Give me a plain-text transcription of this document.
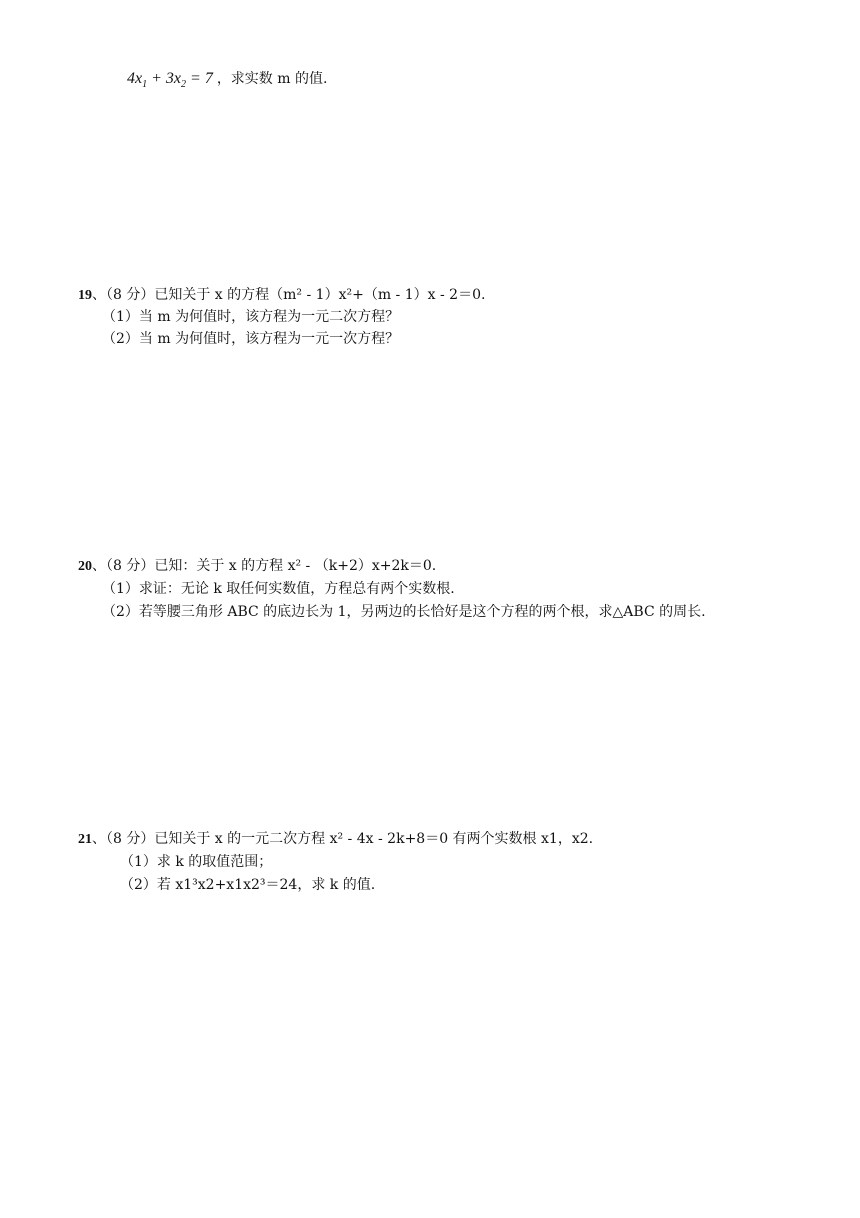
$4x_1 + 3x_2 = 7$ ，求实数 m 的值.
19、（8 分）已知关于 x 的方程（m² - 1）x²+（m - 1）x - 2＝0.
（1）当 m 为何值时，该方程为一元二次方程？
（2）当 m 为何值时，该方程为一元一次方程？
20、（8 分）已知：关于 x 的方程 x² - （k+2）x+2k＝0.
（1）求证：无论 k 取任何实数值，方程总有两个实数根.
（2）若等腰三角形 ABC 的底边长为 1，另两边的长恰好是这个方程的两个根，求△ABC 的周长.
21、（8 分）已知关于 x 的一元二次方程 x² - 4x - 2k+8＝0 有两个实数根 x1，x2.
（1）求 k 的取值范围；
（2）若 x1³x2+x1x2³＝24，求 k 的值.
